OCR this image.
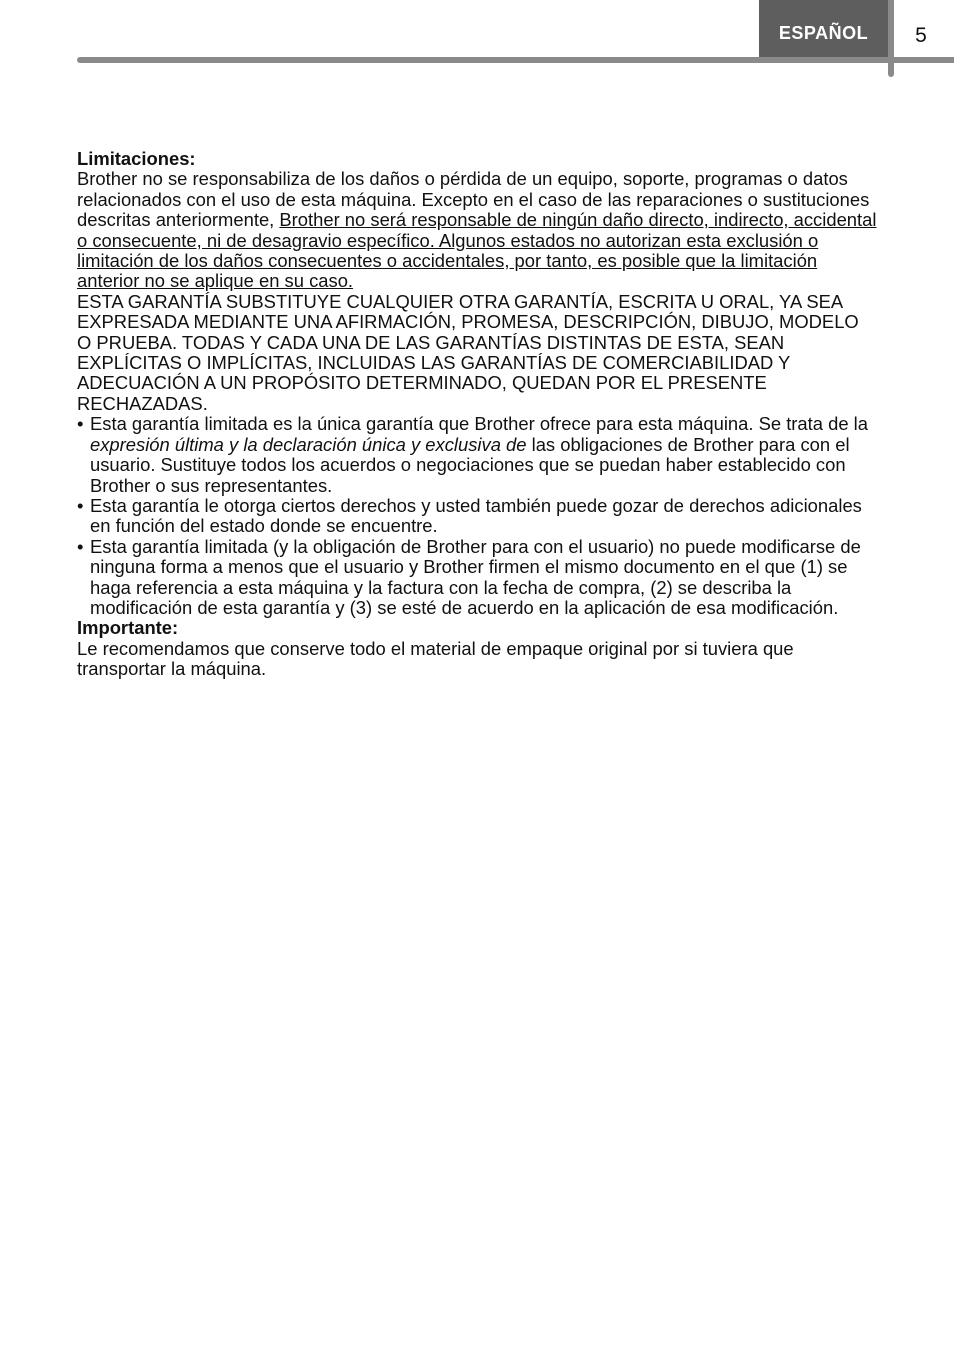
ESPAÑOL	5

Limitaciones:

Brother no se responsabiliza de los daños o pérdida de un equipo, soporte, programas o datos relacionados con el uso de esta máquina. Excepto en el caso de las reparaciones o sustituciones descritas anteriormente, Brother no será responsable de ningún daño directo, indirecto, accidental o consecuente, ni de desagravio específico. Algunos estados no autorizan esta exclusión o limitación de los daños consecuentes o accidentales, por tanto, es posible que la limitación anterior no se aplique en su caso.

ESTA GARANTÍA SUBSTITUYE CUALQUIER OTRA GARANTÍA, ESCRITA U ORAL, YA SEA EXPRESADA MEDIANTE UNA AFIRMACIÓN, PROMESA, DESCRIPCIÓN, DIBUJO, MODELO O PRUEBA. TODAS Y CADA UNA DE LAS GARANTÍAS DISTINTAS DE ESTA, SEAN EXPLÍCITAS O IMPLÍCITAS, INCLUIDAS LAS GARANTÍAS DE COMERCIABILIDAD Y ADECUACIÓN A UN PROPÓSITO DETERMINADO, QUEDAN POR EL PRESENTE RECHAZADAS.

• Esta garantía limitada es la única garantía que Brother ofrece para esta máquina. Se trata de la expresión última y la declaración única y exclusiva de las obligaciones de Brother para con el usuario. Sustituye todos los acuerdos o negociaciones que se puedan haber establecido con Brother o sus representantes.
• Esta garantía le otorga ciertos derechos y usted también puede gozar de derechos adicionales en función del estado donde se encuentre.
• Esta garantía limitada (y la obligación de Brother para con el usuario) no puede modificarse de ninguna forma a menos que el usuario y Brother firmen el mismo documento en el que (1) se haga referencia a esta máquina y la factura con la fecha de compra, (2) se describa la modificación de esta garantía y (3) se esté de acuerdo en la aplicación de esa modificación.

Importante:

Le recomendamos que conserve todo el material de empaque original por si tuviera que transportar la máquina.
